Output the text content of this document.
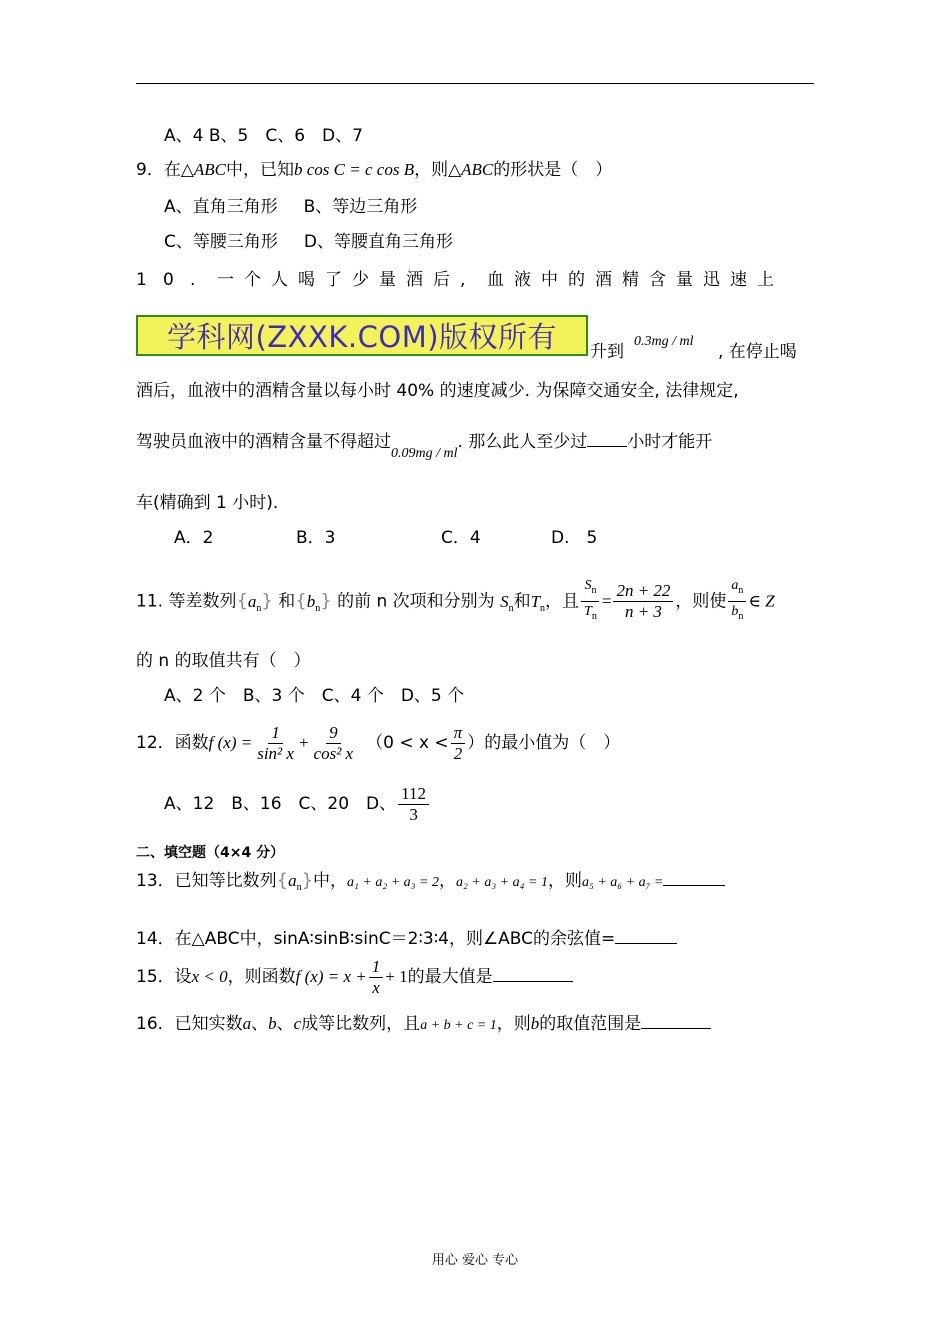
A、4 B、5　C、6　D、7
9．在△ABC中，已知b cos C = c cos B，则△ABC的形状是（　）
A、直角三角形 B、等边三角形
C、等腰三角形 D、等腰直角三角形
1 0 . 一 个 人 喝 了 少 量 酒 后 , 血 液 中 的 酒 精 含 量 迅 速 上
学科网(ZXXK.COM)版权所有 升到
0.3mg / ml
, 在停止喝
酒后，血液中的酒精含量以每小时 40% 的速度减少. 为保障交通安全, 法律规定,
驾驶员血液中的酒精含量不得超过$_{0.09mg / ml}$. 那么此人至少过 小时才能开
车(精确到 1 小时).
A．2	B．3	C．4	D.　5
11. 等差数列$\{a_n\}$ 和$\{b_n\}$ 的前 n 次项和分别为 $S_n$和$T_n$，且 $\frac{S_n}{T_n} = \frac{2n + 22}{n + 3}$ ，则使 $\frac{a_n}{b_n}$ ∈ Z
的 n 的取值共有（　）
A、2 个　B、3 个　C、4 个　D、5 个
12．函数f $(x) = \frac{1}{\text{sin² x}} + \frac{9}{\text{cos² x}} (0 < x < \frac{\pi}{2}$ ）的最小值为（　）
A、12　B、16　C、20　D、 $\frac{112}{3}$
二、填空题（4×4 分）
13．已知等比数列$\{a_n\}$中，a₁ + a₂ + a₃ = 2，a₂ + a₃ + a₄ = 1，则a₅ + a₆ + a₇ =
14．在△ABC中，sinA∶sinB∶sinC＝2∶3∶4，则∠ABC的余弦值=
15．设x < 0，则函数f $(x) = x + \frac{1}{x} + 1$的最大值是
16．已知实数a、b、c成等比数列，且a + b + c = 1，则b的取值范围是
用心 爱心 专心
